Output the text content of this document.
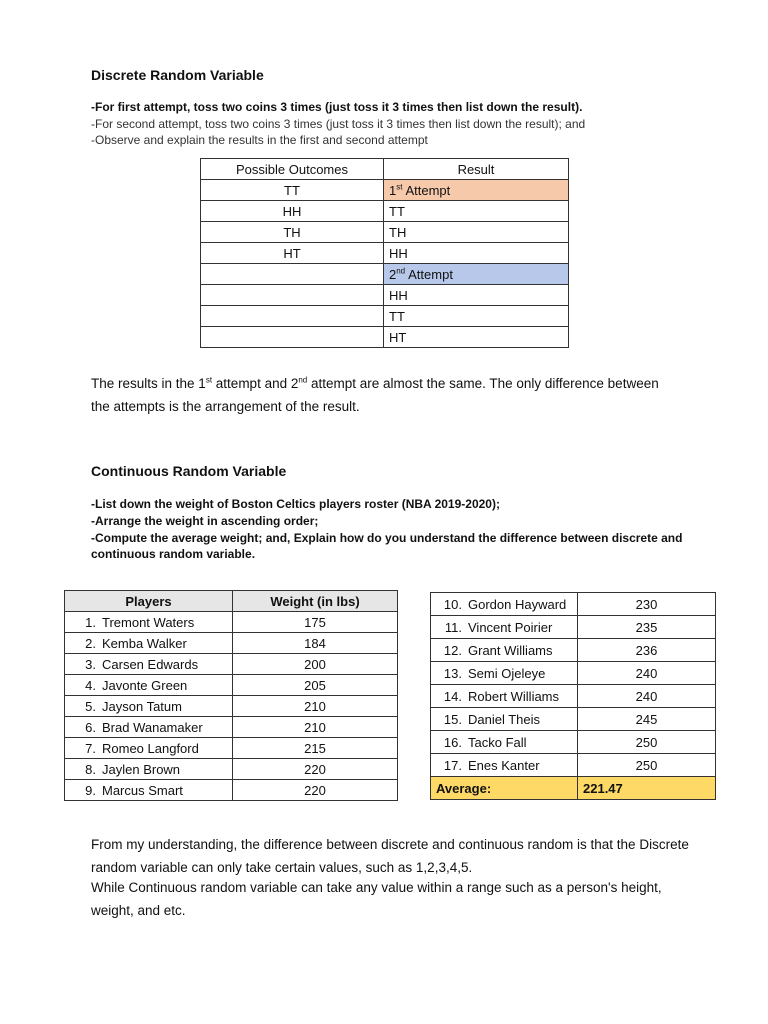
Discrete Random Variable
-For first attempt, toss two coins 3 times (just toss it 3 times then list down the result).
-For second attempt, toss two coins 3 times (just toss it 3 times then list down the result); and
-Observe and explain the results in the first and second attempt
Possible Outcomes	Result
TT	1st Attempt
HH	TT
TH	TH
HT	HH
	2nd Attempt
	HH
	TT
	HT
The results in the 1st attempt and 2nd attempt are almost the same. The only difference between the attempts is the arrangement of the result.
Continuous Random Variable
-List down the weight of Boston Celtics players roster (NBA 2019-2020);
-Arrange the weight in ascending order;
-Compute the average weight; and, Explain how do you understand the difference between discrete and continuous random variable.
Players	Weight (in lbs)
1. Tremont Waters	175
2. Kemba Walker	184
3. Carsen Edwards	200
4. Javonte Green	205
5. Jayson Tatum	210
6. Brad Wanamaker	210
7. Romeo Langford	215
8. Jaylen Brown	220
9. Marcus Smart	220
10. Gordon Hayward	230
11. Vincent Poirier	235
12. Grant Williams	236
13. Semi Ojeleye	240
14. Robert Williams	240
15. Daniel Theis	245
16. Tacko Fall	250
17. Enes Kanter	250
Average:	221.47
From my understanding, the difference between discrete and continuous random is that the Discrete random variable can only take certain values, such as 1,2,3,4,5.
While Continuous random variable can take any value within a range such as a person's height, weight, and etc.
